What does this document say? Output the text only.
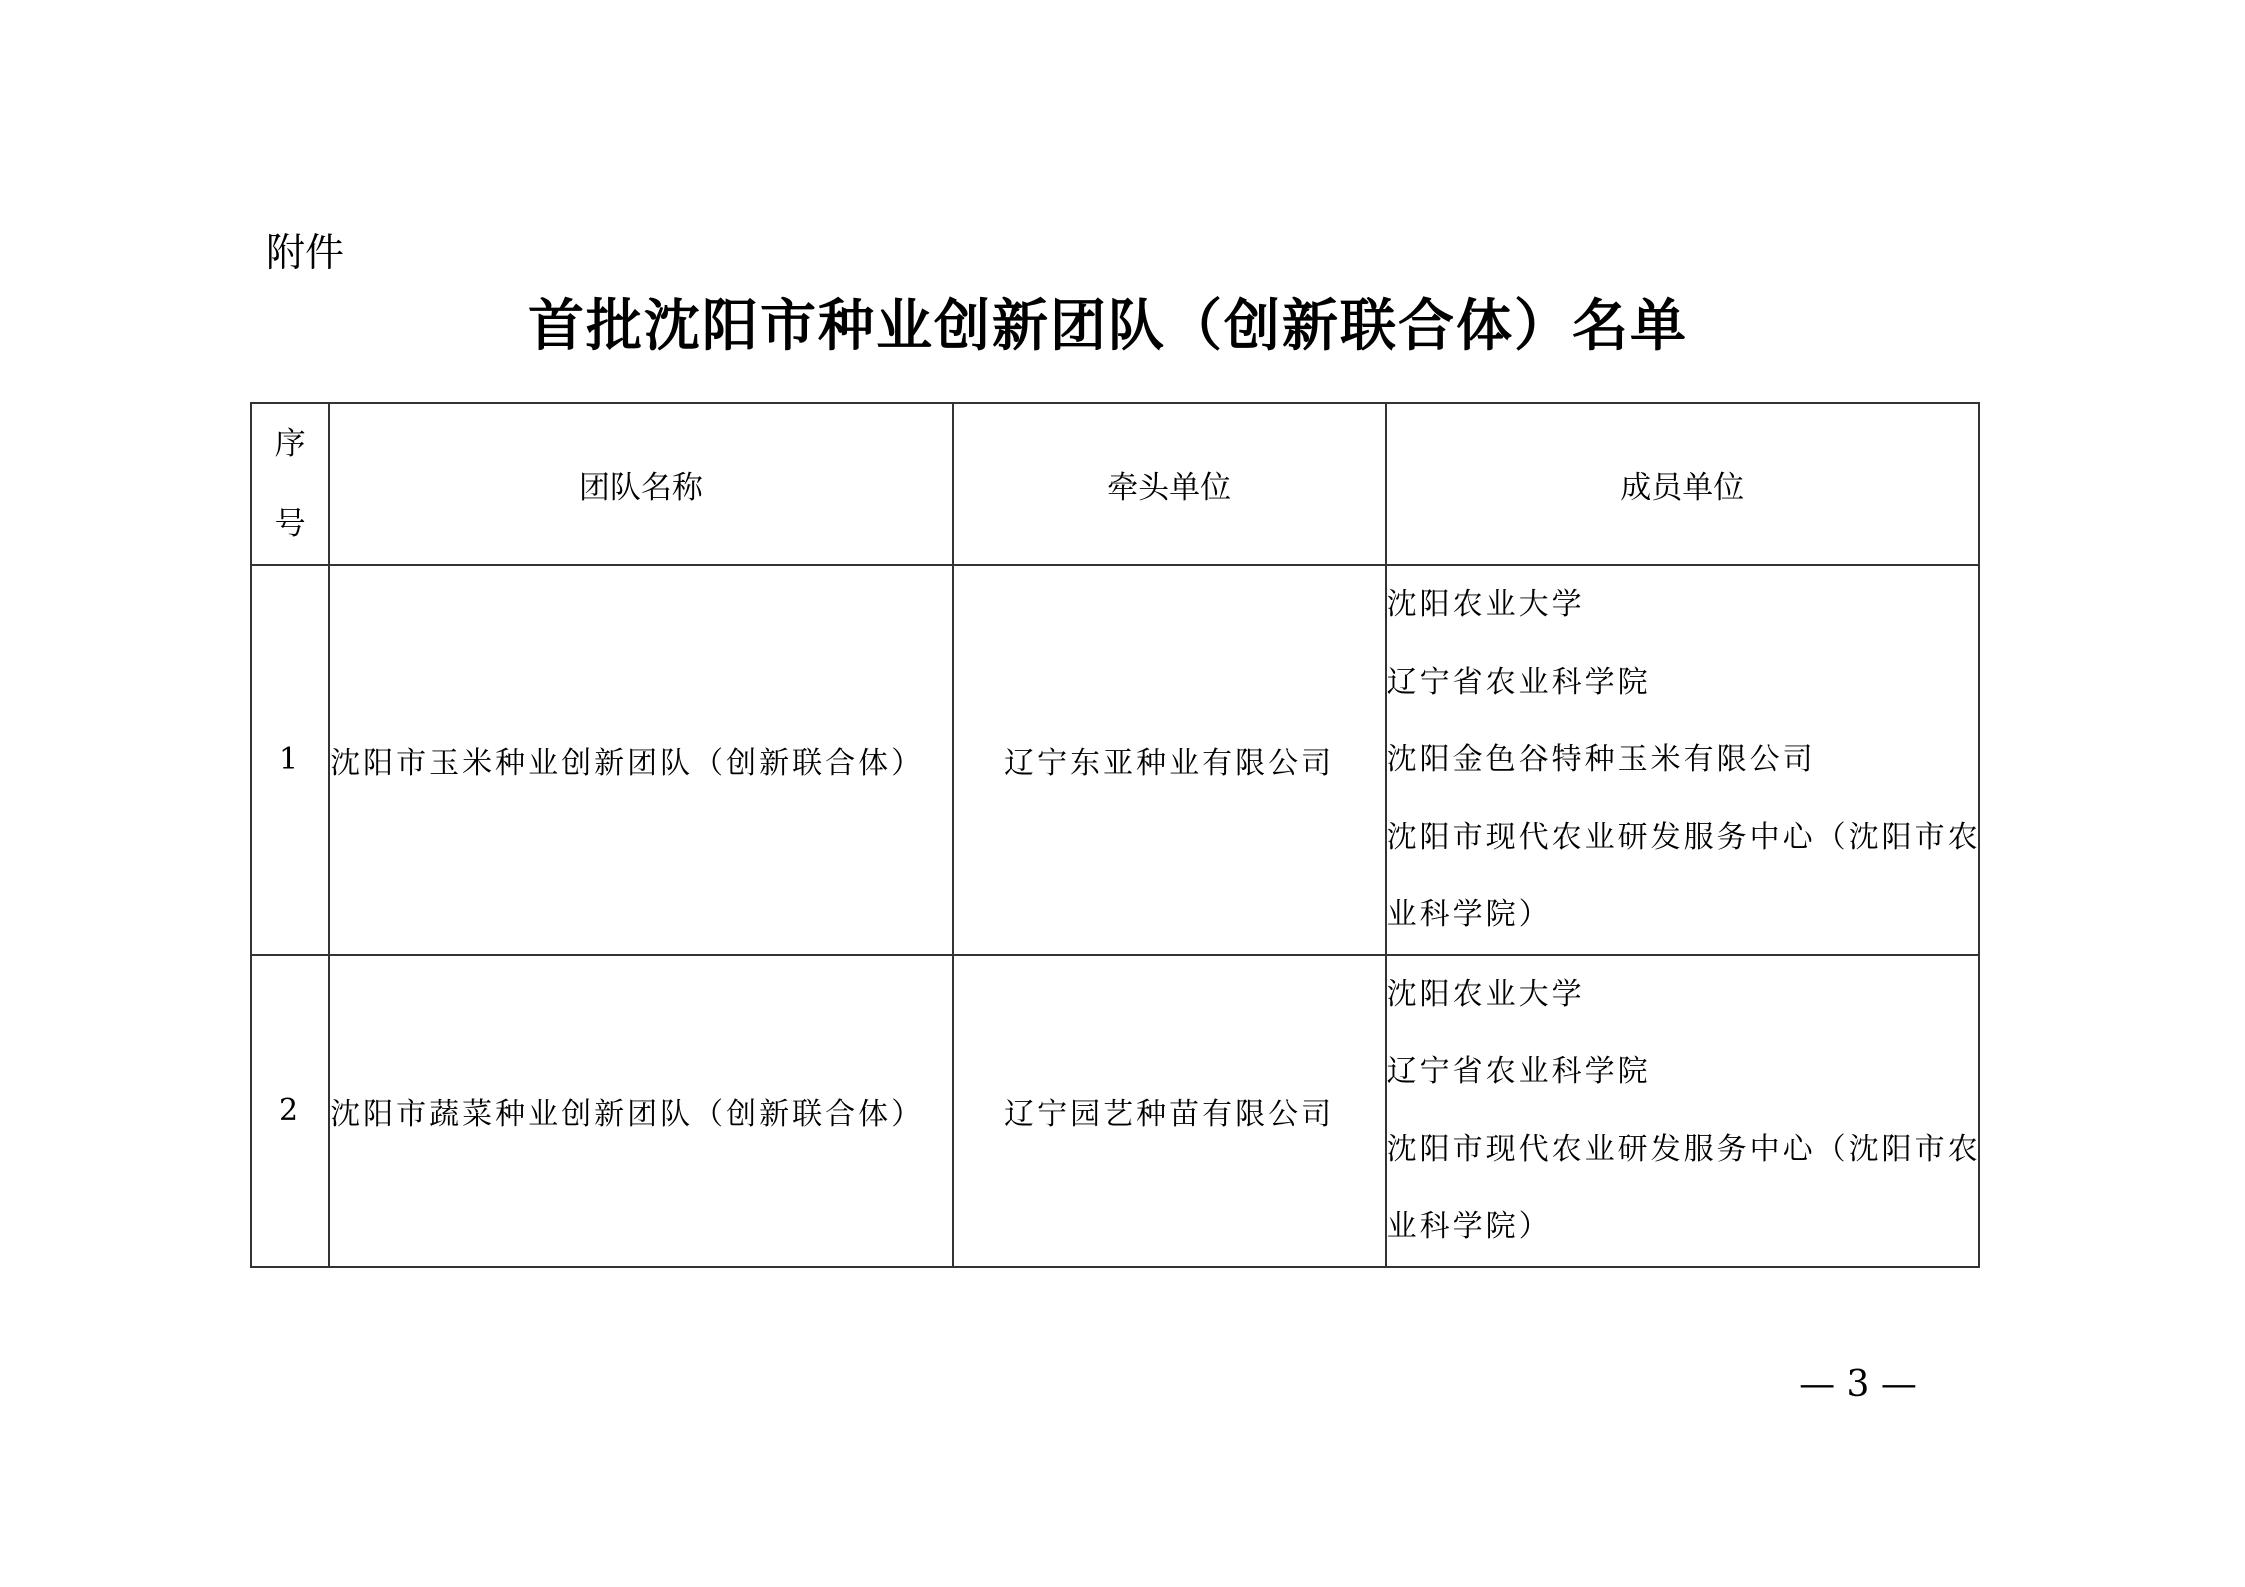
附件
首批沈阳市种业创新团队（创新联合体）名单
序
号	团队名称	牵头单位	成员单位
1	沈阳市玉米种业创新团队（创新联合体）	辽宁东亚种业有限公司	沈阳农业大学
辽宁省农业科学院
沈阳金色谷特种玉米有限公司
沈阳市现代农业研发服务中心（沈阳市农
业科学院）

2	沈阳市蔬菜种业创新团队（创新联合体）	辽宁园艺种苗有限公司	沈阳农业大学
辽宁省农业科学院
沈阳市现代农业研发服务中心（沈阳市农
业科学院）
— 3 —
